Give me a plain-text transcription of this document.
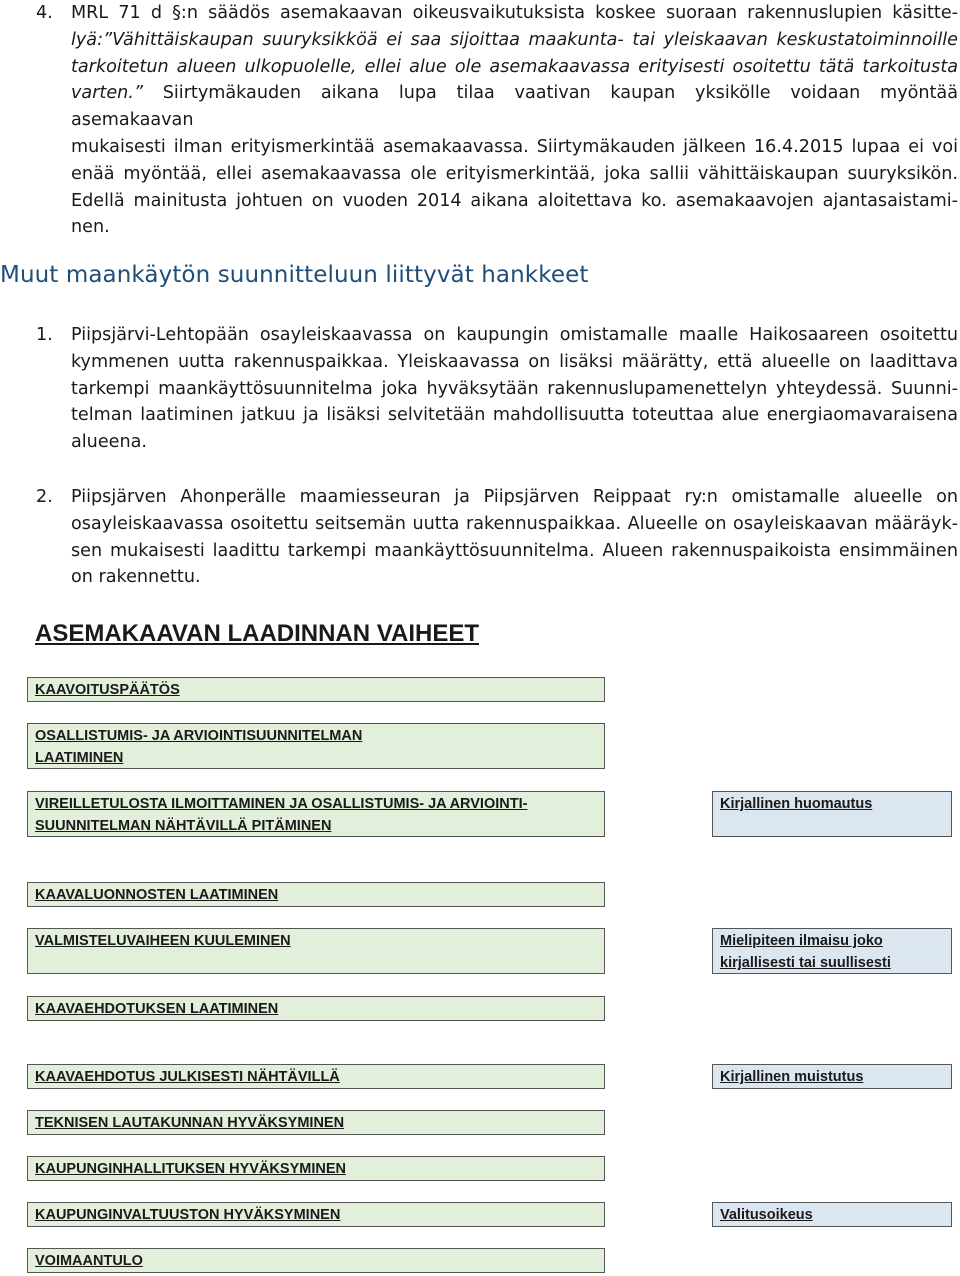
4. MRL 71 d §:n säädös asemakaavan oikeusvaikutuksista koskee suoraan rakennuslupien käsitte-
lyä:”Vähittäiskaupan suuryksikköä ei saa sijoittaa maakunta- tai yleiskaavan keskustatoiminnoille
tarkoitetun alueen ulkopuolelle, ellei alue ole asemakaavassa erityisesti osoitettu tätä tarkoitusta
varten.” Siirtymäkauden aikana lupa tilaa vaativan kaupan yksikölle voidaan myöntää asemakaavan
mukaisesti ilman erityismerkintää asemakaavassa. Siirtymäkauden jälkeen 16.4.2015 lupaa ei voi
enää myöntää, ellei asemakaavassa ole erityismerkintää, joka sallii vähittäiskaupan suuryksikön.
Edellä mainitusta johtuen on vuoden 2014 aikana aloitettava ko. asemakaavojen ajantasaistami-
nen.
Muut maankäytön suunnitteluun liittyvät hankkeet
1. Piipsjärvi-Lehtopään osayleiskaavassa on kaupungin omistamalle maalle Haikosaareen osoitettu
kymmenen uutta rakennuspaikkaa. Yleiskaavassa on lisäksi määrätty, että alueelle on laadittava
tarkempi maankäyttösuunnitelma joka hyväksytään rakennuslupamenettelyn yhteydessä. Suunni-
telman laatiminen jatkuu ja lisäksi selvitetään mahdollisuutta toteuttaa alue energiaomavaraisena
alueena.
2. Piipsjärven Ahonperälle maamiesseuran ja Piipsjärven Reippaat ry:n omistamalle alueelle on
osayleiskaavassa osoitettu seitsemän uutta rakennuspaikkaa. Alueelle on osayleiskaavan määräyk-
sen mukaisesti laadittu tarkempi maankäyttösuunnitelma. Alueen rakennuspaikoista ensimmäinen
on rakennettu.
ASEMAKAAVAN LAADINNAN VAIHEET
KAAVOITUSPÄÄTÖS
OSALLISTUMIS- JA ARVIOINTISUUNNITELMAN
LAATIMINEN
VIREILLETULOSTA ILMOITTAMINEN JA OSALLISTUMIS- JA ARVIOINTI-
SUUNNITELMAN NÄHTÄVILLÄ PITÄMINEN
KAAVALUONNOSTEN LAATIMINEN
VALMISTELUVAIHEEN KUULEMINEN
KAAVAEHDOTUKSEN LAATIMINEN
KAAVAEHDOTUS JULKISESTI NÄHTÄVILLÄ
TEKNISEN LAUTAKUNNAN HYVÄKSYMINEN
KAUPUNGINHALLITUKSEN HYVÄKSYMINEN
KAUPUNGINVALTUUSTON HYVÄKSYMINEN
VOIMAANTULO
Kirjallinen huomautus
Mielipiteen ilmaisu joko
kirjallisesti tai suullisesti
Kirjallinen muistutus
Valitusoikeus
